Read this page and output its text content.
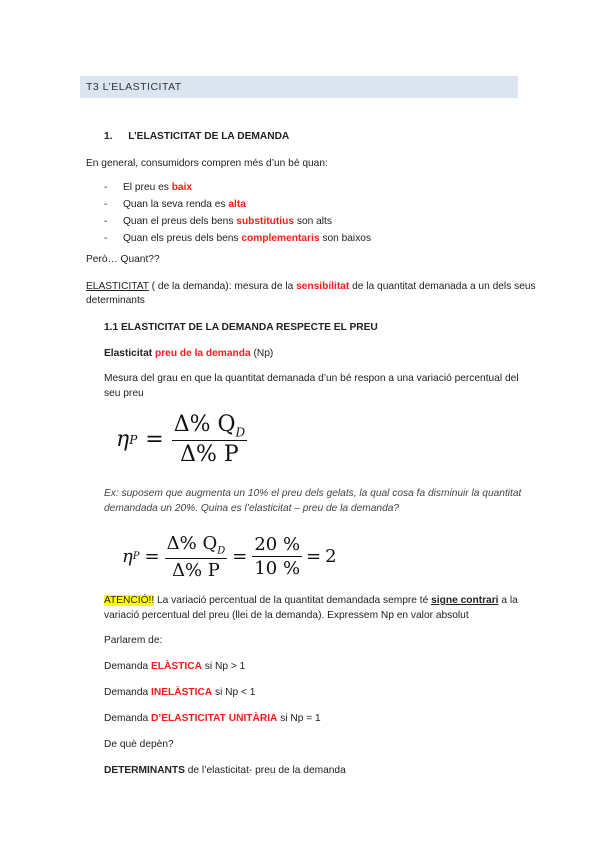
T3 L’ELASTICITAT
1. L’ELASTICITAT DE LA DEMANDA
En general, consumidors compren més d’un bé quan:
-	El preu es baix
-	Quan la seva renda es alta
-	Quan el preus dels bens substitutius son alts
-	Quan els preus dels bens complementaris son baixos
Però… Quant??
ELASTICITAT ( de la demanda): mesura de la sensibilitat de la quantitat demanada a un dels seus
determinants
1.1 ELASTICITAT DE LA DEMANDA RESPECTE EL PREU
Elasticitat preu de la demanda (Np)
Mesura del grau en que la quantitat demanada d’un bé respon a una variació percentual del
seu preu
η $P = \frac{\Delta\% Q_D}{\Delta\% P}$
Ex: suposem que augmenta un 10% el preu dels gelats, la qual cosa fa disminuir la quantitat
demandada un 20%. Quina es l’elasticitat – preu de la demanda?
η $P = \frac{\Delta\% Q_D}{\Delta\% P} = \frac{20 \%}{10 \%} = 2$
ATENCIÓ!! La variació percentual de la quantitat demandada sempre té signe contrari a la
variació percentual del preu (llei de la demanda). Expressem Np en valor absolut
Parlarem de:
Demanda ELÀSTICA si Np > 1
Demanda INELÀSTICA si Np < 1
Demanda D’ELASTICITAT UNITÀRIA si Np = 1
De què depèn?
DETERMINANTS de l’elasticitat- preu de la demanda
